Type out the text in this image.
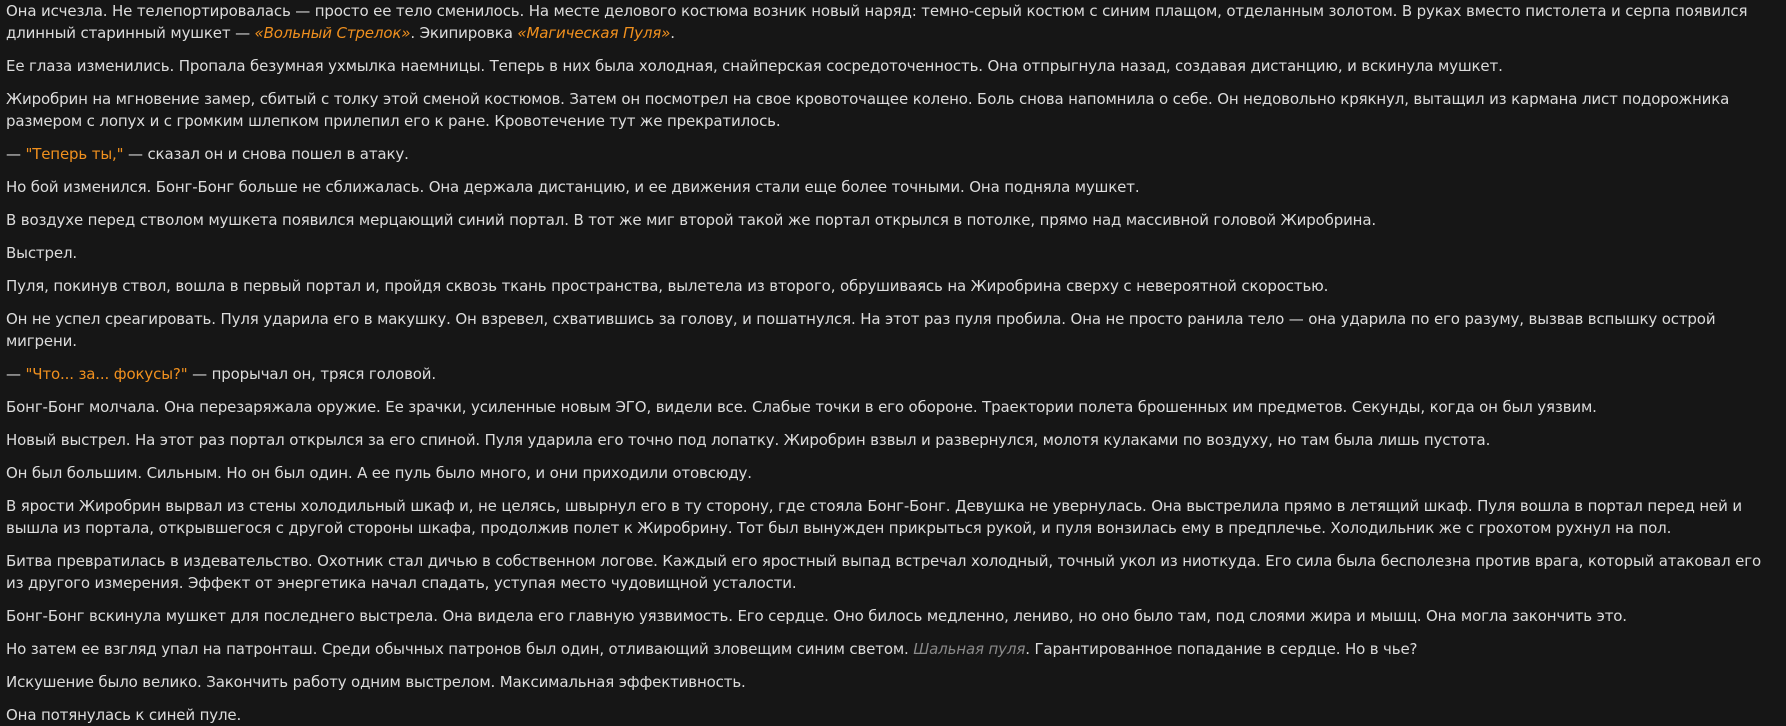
Она исчезла. Не телепортировалась — просто ее тело сменилось. На месте делового костюма возник новый наряд: темно-серый костюм с синим плащом, отделанным золотом. В руках вместо пистолета и серпа появился длинный старинный мушкет — «Вольный Стрелок». Экипировка «Магическая Пуля».

Ее глаза изменились. Пропала безумная ухмылка наемницы. Теперь в них была холодная, снайперская сосредоточенность. Она отпрыгнула назад, создавая дистанцию, и вскинула мушкет.

Жиробрин на мгновение замер, сбитый с толку этой сменой костюмов. Затем он посмотрел на свое кровоточащее колено. Боль снова напомнила о себе. Он недовольно крякнул, вытащил из кармана лист подорожника размером с лопух и с громким шлепком прилепил его к ране. Кровотечение тут же прекратилось.

— "Теперь ты," — сказал он и снова пошел в атаку.

Но бой изменился. Бонг-Бонг больше не сближалась. Она держала дистанцию, и ее движения стали еще более точными. Она подняла мушкет.

В воздухе перед стволом мушкета появился мерцающий синий портал. В тот же миг второй такой же портал открылся в потолке, прямо над массивной головой Жиробрина.

Выстрел.

Пуля, покинув ствол, вошла в первый портал и, пройдя сквозь ткань пространства, вылетела из второго, обрушиваясь на Жиробрина сверху с невероятной скоростью.

Он не успел среагировать. Пуля ударила его в макушку. Он взревел, схватившись за голову, и пошатнулся. На этот раз пуля пробила. Она не просто ранила тело — она ударила по его разуму, вызвав вспышку острой мигрени.

— "Что... за... фокусы?" — прорычал он, тряся головой.

Бонг-Бонг молчала. Она перезаряжала оружие. Ее зрачки, усиленные новым ЭГО, видели все. Слабые точки в его обороне. Траектории полета брошенных им предметов. Секунды, когда он был уязвим.

Новый выстрел. На этот раз портал открылся за его спиной. Пуля ударила его точно под лопатку. Жиробрин взвыл и развернулся, молотя кулаками по воздуху, но там была лишь пустота.

Он был большим. Сильным. Но он был один. А ее пуль было много, и они приходили отовсюду.

В ярости Жиробрин вырвал из стены холодильный шкаф и, не целясь, швырнул его в ту сторону, где стояла Бонг-Бонг. Девушка не увернулась. Она выстрелила прямо в летящий шкаф. Пуля вошла в портал перед ней и вышла из портала, открывшегося с другой стороны шкафа, продолжив полет к Жиробрину. Тот был вынужден прикрыться рукой, и пуля вонзилась ему в предплечье. Холодильник же с грохотом рухнул на пол.

Битва превратилась в издевательство. Охотник стал дичью в собственном логове. Каждый его яростный выпад встречал холодный, точный укол из ниоткуда. Его сила была бесполезна против врага, который атаковал его из другого измерения. Эффект от энергетика начал спадать, уступая место чудовищной усталости.

Бонг-Бонг вскинула мушкет для последнего выстрела. Она видела его главную уязвимость. Его сердце. Оно билось медленно, лениво, но оно было там, под слоями жира и мышц. Она могла закончить это.

Но затем ее взгляд упал на патронташ. Среди обычных патронов был один, отливающий зловещим синим светом. Шальная пуля. Гарантированное попадание в сердце. Но в чье?

Искушение было велико. Закончить работу одним выстрелом. Максимальная эффективность.

Она потянулась к синей пуле.
